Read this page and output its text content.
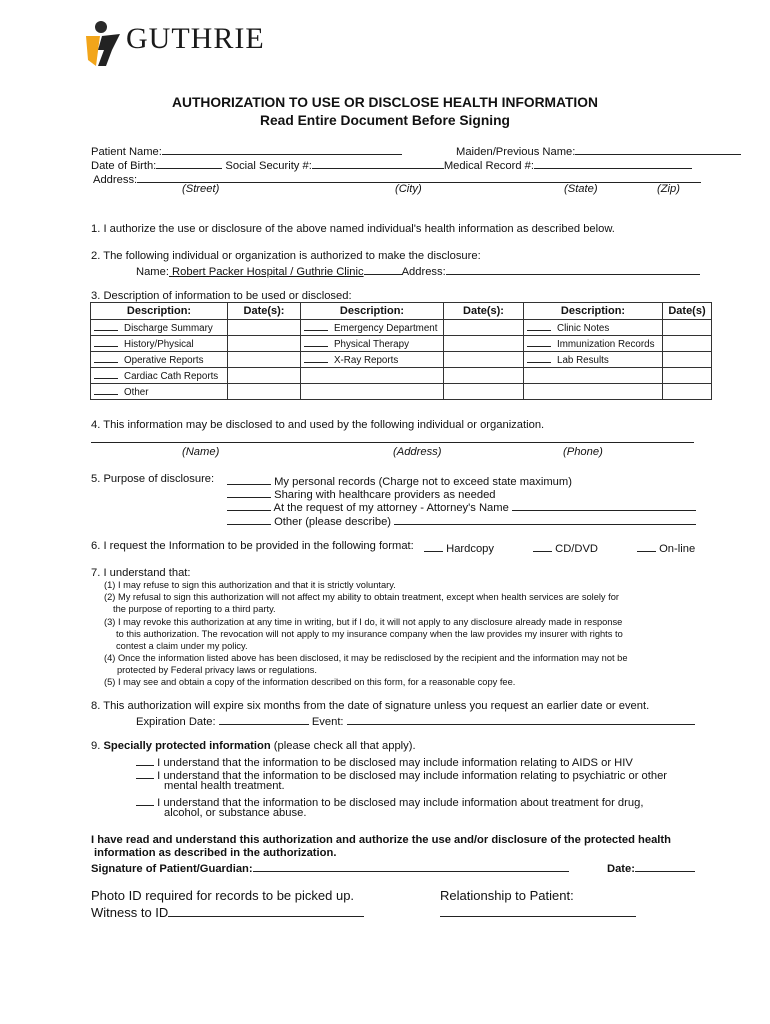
GUTHRIE
AUTHORIZATION TO USE OR DISCLOSE HEALTH INFORMATION
Read Entire Document Before Signing
Patient Name:	Maiden/Previous Name:
Date of Birth:	Social Security #:	Medical Record #:
Address:
(Street)	(City)	(State)	(Zip)
1. I authorize the use or disclosure of the above named individual's health information as described below.
2. The following individual or organization is authorized to make the disclosure:
Name: Robert Packer Hospital / Guthrie Clinic	Address:
3. Description of information to be used or disclosed:
Description:	Date(s):	Description:	Date(s):	Description:	Date(s)
Discharge Summary		Emergency Department		Clinic Notes	
History/Physical		Physical Therapy		Immunization Records	
Operative Reports		X-Ray Reports		Lab Results	
Cardiac Cath Reports					
Other					
4. This information may be disclosed to and used by the following individual or organization.
(Name)	(Address)	(Phone)
5. Purpose of disclosure:	My personal records (Charge not to exceed state maximum)
Sharing with healthcare providers as needed
At the request of my attorney - Attorney's Name
Other (please describe)
6. I request the Information to be provided in the following format:	Hardcopy	CD/DVD	On-line
7. I understand that:
(1) I may refuse to sign this authorization and that it is strictly voluntary.
(2) My refusal to sign this authorization will not affect my ability to obtain treatment, except when health services are solely for
the purpose of reporting to a third party.
(3) I may revoke this authorization at any time in writing, but if I do, it will not apply to any disclosure already made in response
to this authorization. The revocation will not apply to my insurance company when the law provides my insurer with rights to
contest a claim under my policy.
(4) Once the information listed above has been disclosed, it may be redisclosed by the recipient and the information may not be
protected by Federal privacy laws or regulations.
(5) I may see and obtain a copy of the information described on this form, for a reasonable copy fee.
8. This authorization will expire six months from the date of signature unless you request an earlier date or event.
Expiration Date:	Event:
9. Specially protected information (please check all that apply).
I understand that the information to be disclosed may include information relating to AIDS or HIV
I understand that the information to be disclosed may include information relating to psychiatric or other
mental health treatment.
I understand that the information to be disclosed may include information about treatment for drug,
alcohol, or substance abuse.
I have read and understand this authorization and authorize the use and/or disclosure of the protected health
information as described in the authorization.
Signature of Patient/Guardian:	Date:
Photo ID required for records to be picked up.
Witness to ID
Relationship to Patient:
